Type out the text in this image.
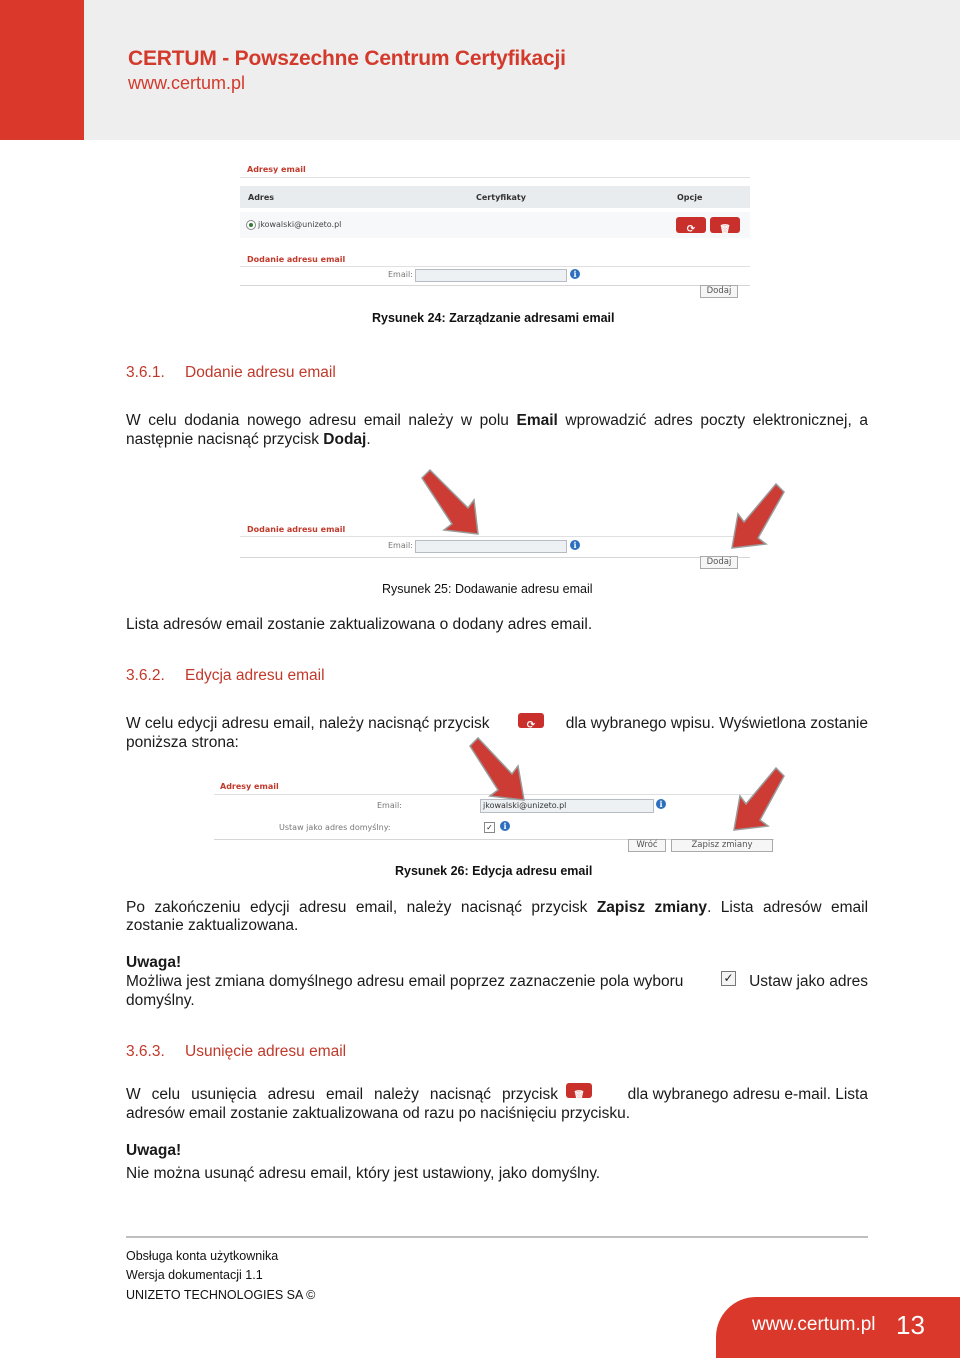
CERTUM - Powszechne Centrum Certyfikacji
www.certum.pl
Adresy email
Adres	Certyfikaty	Opcje
jkowalski@unizeto.pl	⟳	🗑
Dodanie adresu email
Email:	i
Dodaj
Rysunek 24: Zarządzanie adresami email
3.6.1. Dodanie adresu email
W celu dodania nowego adresu email należy w polu Email wprowadzić adres poczty elektronicznej, a
następnie nacisnąć przycisk Dodaj.
Dodanie adresu email
Email:	i
Dodaj
Rysunek 25: Dodawanie adresu email
Lista adresów email zostanie zaktualizowana o dodany adres email.
3.6.2. Edycja adresu email
W celu edycji adresu email, należy nacisnąć przycisk	⟳	dla wybranego wpisu. Wyświetlona zostanie
poniższa strona:
Adresy email
Email:	jkowalski@unizeto.pl	i
Ustaw jako adres domyślny:	✓	i
Wróć	Zapisz zmiany
Rysunek 26: Edycja adresu email
Po zakończeniu edycji adresu email, należy nacisnąć przycisk Zapisz zmiany. Lista adresów email
zostanie zaktualizowana.
Uwaga!
Możliwa jest zmiana domyślnego adresu email poprzez zaznaczenie pola wyboru	✓	Ustaw jako adres
domyślny.
3.6.3. Usunięcie adresu email
W celu usunięcia adresu email należy nacisnąć przycisk	🗑	dla wybranego adresu e-mail. Lista
adresów email zostanie zaktualizowana od razu po naciśnięciu przycisku.
Uwaga!
Nie można usunąć adresu email, który jest ustawiony, jako domyślny.
Obsługa konta użytkownika
Wersja dokumentacji 1.1
UNIZETO TECHNOLOGIES SA ©
www.certum.pl 13
